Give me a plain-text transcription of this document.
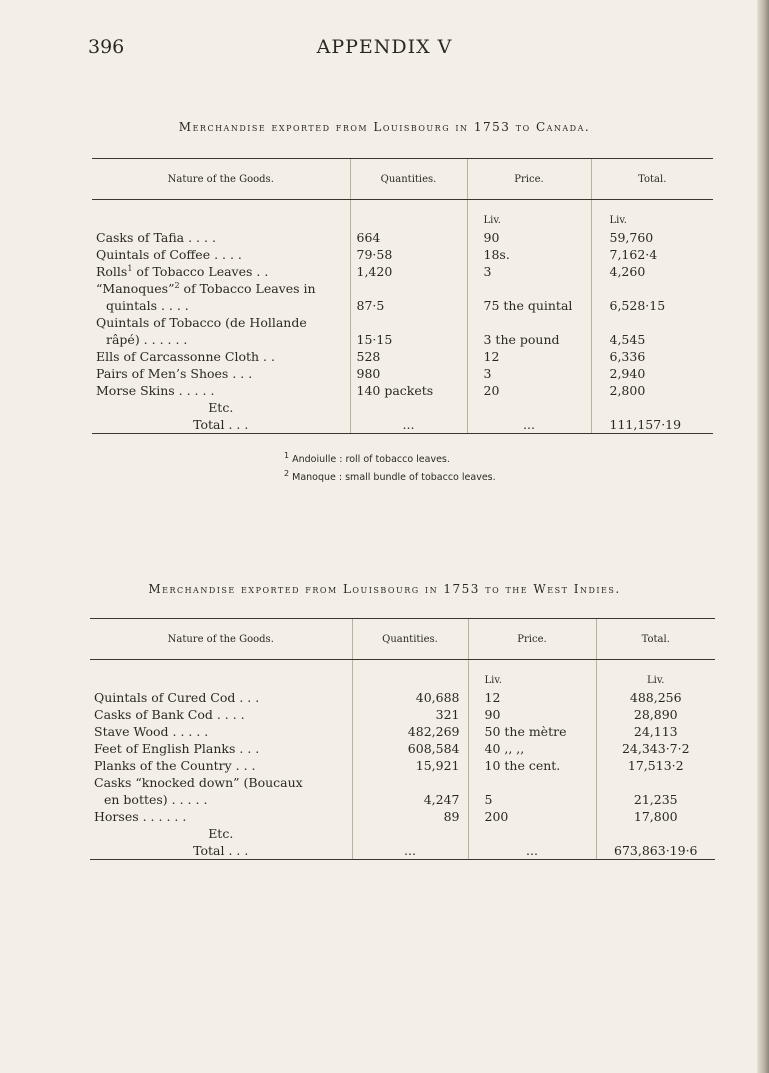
396	APPENDIX V
Merchandise exported from Louisbourg in 1753 to Canada.
Nature of the Goods.	Quantities.	Price.	Total.

		Liv.	Liv.
Casks of Tafia . . . .	664	90	59,760
Quintals of Coffee . . . .	79·58	18s.	7,162·4
Rolls$^1$ of Tobacco Leaves . .	1,420	3	4,260
“Manoques”$^2$ of Tobacco Leaves in			
quintals . . . .	87·5	75 the quintal	6,528·15
Quintals of Tobacco (de Hollande			
râpé) . . . . . .	15·15	3 the pound	4,545
Ells of Carcassonne Cloth . .	528	12	6,336
Pairs of Men’s Shoes . . .	980	3	2,940
Morse Skins . . . . .	140 packets	20	2,800
Etc.			
Total . . .	...	...	111,157·19
$^1$ Andoiulle : roll of tobacco leaves.
$^2$ Manoque : small bundle of tobacco leaves.
Merchandise exported from Louisbourg in 1753 to the West Indies.
Nature of the Goods.	Quantities.	Price.	Total.

		Liv.	Liv.
Quintals of Cured Cod . . .	40,688	12	488,256
Casks of Bank Cod . . . .	321	90	28,890
Stave Wood . . . . .	482,269	50 the mètre	24,113
Feet of English Planks . . .	608,584	40 ,, ,,	24,343·7·2
Planks of the Country . . .	15,921	10 the cent.	17,513·2
Casks “knocked down” (Boucaux			
en bottes) . . . . .	4,247	5	21,235
Horses . . . . . .	89	200	17,800
Etc.			
Total . . .	...	...	673,863·19·6
